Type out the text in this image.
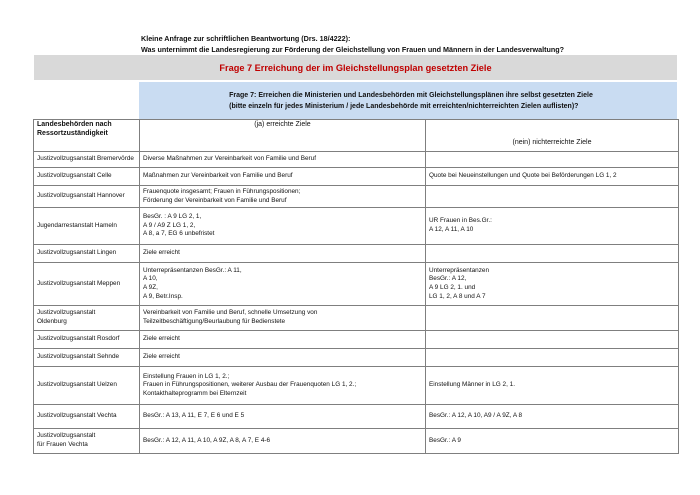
Kleine Anfrage zur schriftlichen Beantwortung (Drs. 18/4222):
Was unternimmt die Landesregierung zur Förderung der Gleichstellung von Frauen und Männern in der Landesverwaltung?
Frage 7 Erreichung der im Gleichstellungsplan gesetzten Ziele
Frage 7: Erreichen die Ministerien und Landesbehörden mit Gleichstellungsplänen ihre selbst gesetzten Ziele
(bitte einzeln für jedes Ministerium / jede Landesbehörde mit erreichten/nichterreichten Zielen auflisten)?
Landesbehörden nach Ressortzuständigkeit	(ja) erreichte Ziele	(nein) nichterreichte Ziele
Justizvollzugsanstalt Bremervörde	Diverse Maßnahmen zur Vereinbarkeit von Familie und Beruf	
Justizvollzugsanstalt Celle	Maßnahmen zur Vereinbarkeit von Familie und Beruf	Quote bei Neueinstellungen und Quote bei Beförderungen LG 1, 2
Justizvollzugsanstalt Hannover	Frauenquote insgesamt; Frauen in Führungspositionen;
Förderung der Vereinbarkeit von Familie und Beruf	
Jugendarrestanstalt Hameln	BesGr. : A 9 LG 2, 1,
A 9 / A9 Z LG 1, 2,
A 8, a 7, EG 6 unbefristet	UR Frauen in Bes.Gr.:
A 12, A 11, A 10
Justizvollzugsanstalt Lingen	Ziele erreicht	
Justizvollzugsanstalt Meppen	Unterrepräsentanzen BesGr.: A 11,
A 10,
A 9Z,
A 9, Betr.Insp.	Unterrepräsentanzen
BesGr.: A 12,
A 9 LG 2, 1. und
LG 1, 2, A 8 und A 7
Justizvollzugsanstalt
Oldenburg	Vereinbarkeit von Familie und Beruf, schnelle Umsetzung von
Teilzeitbeschäftigung/Beurlaubung für Bedienstete	
Justizvollzugsanstalt Rosdorf	Ziele erreicht	
Justizvollzugsanstalt Sehnde	Ziele erreicht	
Justizvollzugsanstalt Uelzen	Einstellung Frauen in LG 1, 2.;
Frauen in Führungspositionen, weiterer Ausbau der Frauenquoten LG 1, 2.;
Kontakthalteprogramm bei Elternzeit	Einstellung Männer in LG 2, 1.
Justizvollzugsanstalt Vechta	BesGr.: A 13, A 11, E 7, E 6 und E 5	BesGr.: A 12, A 10, A9 / A 9Z, A 8
Justizvollzugsanstalt
für Frauen Vechta	BesGr.: A 12, A 11, A 10, A 9Z, A 8, A 7, E 4-6	BesGr.: A 9
